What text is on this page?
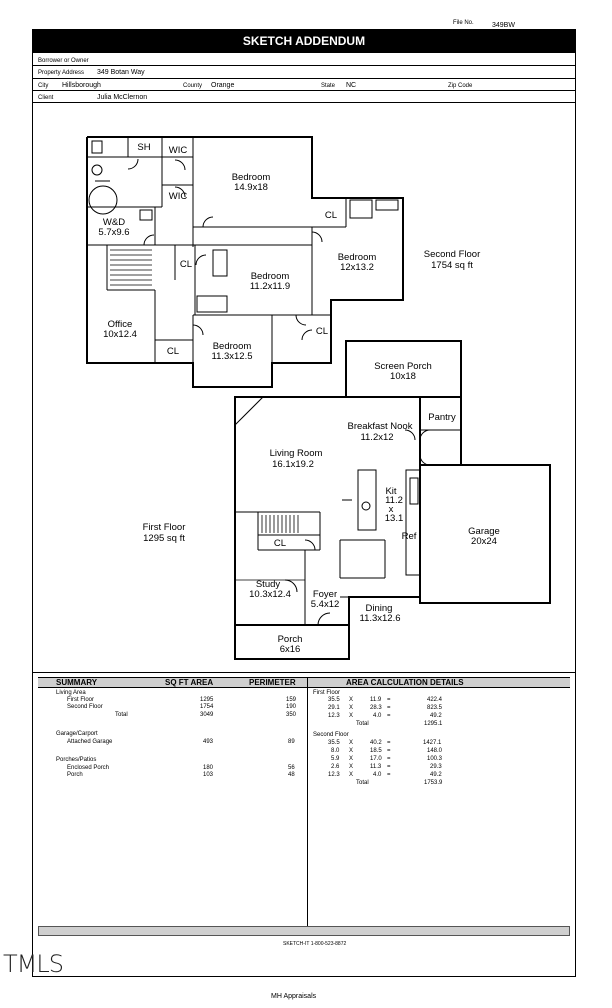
File No.	349BW
SKETCH ADDENDUM
Borrower or Owner
Property Address 349 Botan Way
City Hillsborough	County Orange	State NC	Zip Code
Client	Julia McClernon
SH WIC
WIC
Bedroom
14.9x18
W&D
5.7x9.6
CL
CL
Bedroom
12x13.2
Bedroom
11.2x11.9
Office
10x12.4	CL
CL	Bedroom
11.3x12.5
Second Floor
1754 sq ft
Screen Porch
10x18
Pantry
Breakfast Nook
11.2x12
Living Room
16.1x19.2
Kit
11.2
x
13.1
Ref	Garage
20x24
First Floor
1295 sq ft	CL
Study
10.3x12.4 Foyer
5.4x12	Dining
11.3x12.6
Porch
6x16
SUMMARY	SQ FT AREA	PERIMETER	AREA CALCULATION DETAILS
Living Area
First Floor	1295	159
Second Floor	1754	190
Total	3049	350
Garage/Carport
Attached Garage	493	89
Porches/Patios
Enclosed Porch	180	56
Porch	103	48
First Floor
35.5 X	11.9 =	422.4
29.1 X	28.3 =	823.5
12.3 X	4.0 =	49.2
Total	1295.1
Second Floor
35.5 X	40.2 =	1427.1
8.0 X	18.5 =	148.0
5.9 X	17.0 =	100.3
2.6 X	11.3 =	29.3
12.3 X	4.0 =	49.2
Total	1753.9
SKETCH-IT 1-800-523-8872
TMLS
MH Appraisals
